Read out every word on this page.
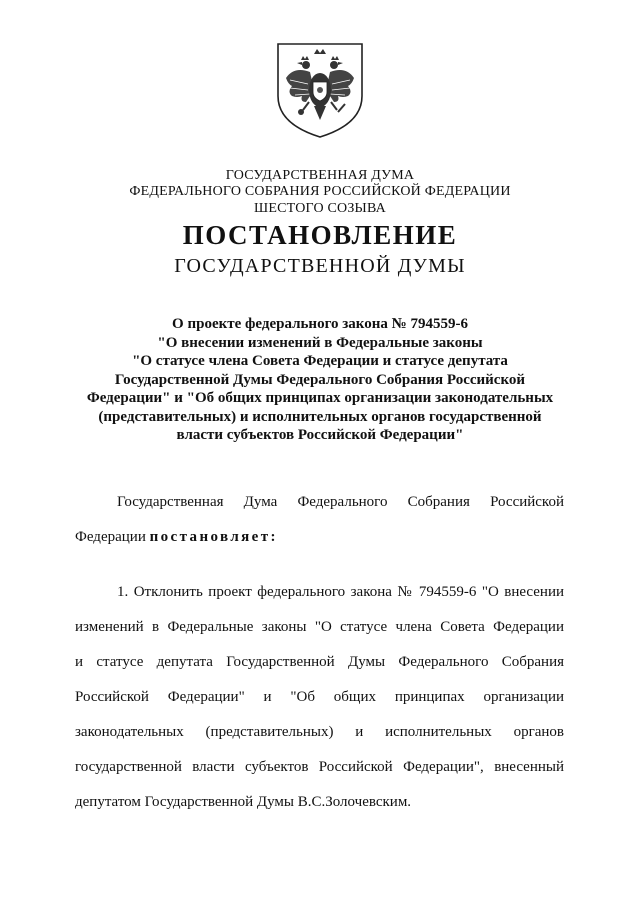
ГОСУДАРСТВЕННАЯ ДУМА
ФЕДЕРАЛЬНОГО СОБРАНИЯ РОССИЙСКОЙ ФЕДЕРАЦИИ
ШЕСТОГО СОЗЫВА
ПОСТАНОВЛЕНИЕ
ГОСУДАРСТВЕННОЙ ДУМЫ
О проекте федерального закона № 794559-6
"О внесении изменений в Федеральные законы
"О статусе члена Совета Федерации и статусе депутата
Государственной Думы Федерального Собрания Российской
Федерации" и "Об общих принципах организации законодательных
(представительных) и исполнительных органов государственной
власти субъектов Российской Федерации"
Государственная Дума Федерального Собрания Российской
Федерации постановляет:
1. Отклонить проект федерального закона № 794559-6 "О внесении
изменений в Федеральные законы "О статусе члена Совета Федерации
и статусе депутата Государственной Думы Федерального Собрания
Российской Федерации" и "Об общих принципах организации
законодательных (представительных) и исполнительных органов
государственной власти субъектов Российской Федерации", внесенный
депутатом Государственной Думы В.С.Золочевским.
